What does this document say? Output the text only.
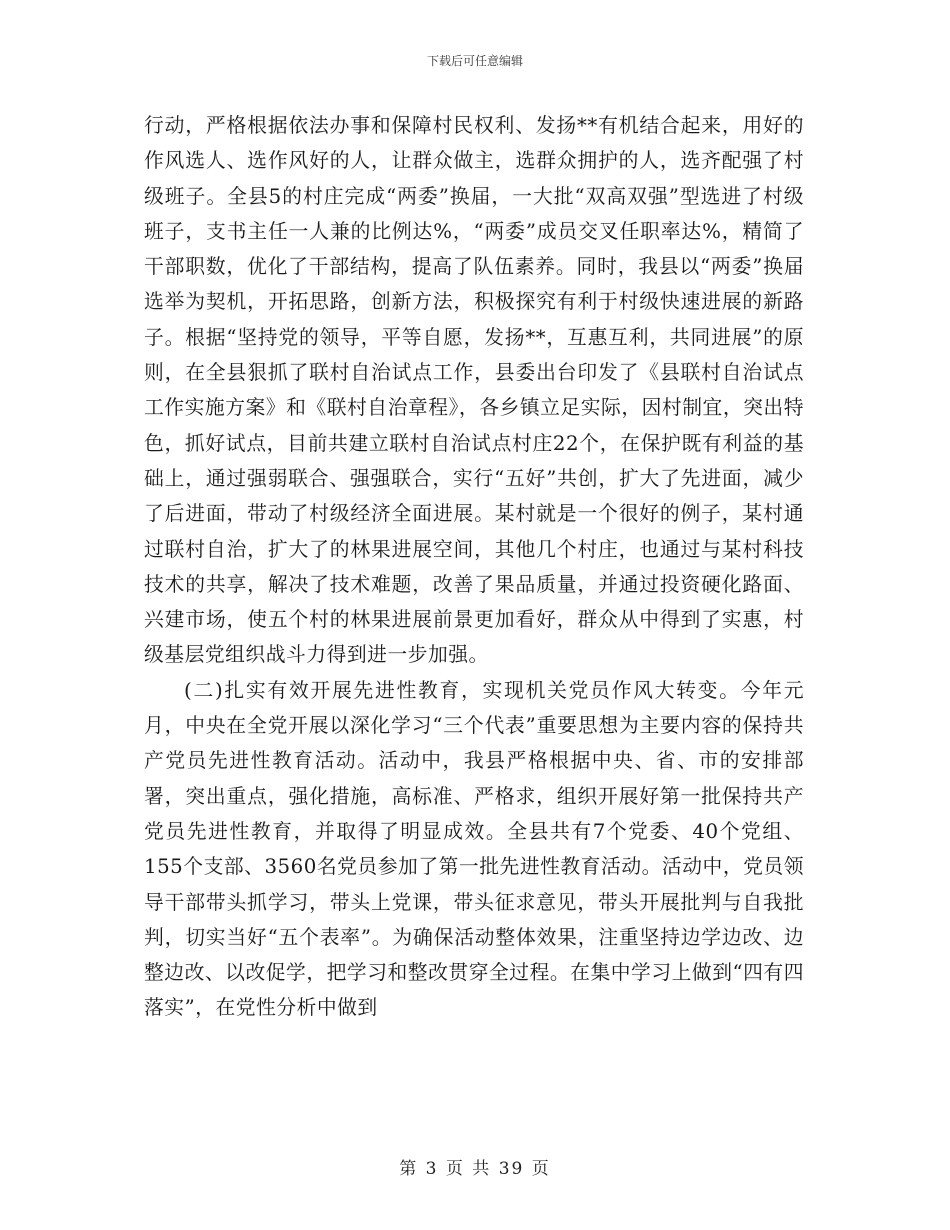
下载后可任意编辑

行动，严格根据依法办事和保障村民权利、发扬**有机结合起来，用好的作风选人、选作风好的人，让群众做主，选群众拥护的人，选齐配强了村级班子。全县5的村庄完成“两委”换届，一大批“双高双强”型选进了村级班子，支书主任一人兼的比例达%，“两委”成员交叉任职率达%，精简了干部职数，优化了干部结构，提高了队伍素养。同时，我县以“两委”换届选举为契机，开拓思路，创新方法，积极探究有利于村级快速进展的新路子。根据“坚持党的领导，平等自愿，发扬**，互惠互利，共同进展”的原则，在全县狠抓了联村自治试点工作，县委出台印发了《县联村自治试点工作实施方案》和《联村自治章程》，各乡镇立足实际，因村制宜，突出特色，抓好试点，目前共建立联村自治试点村庄22个，在保护既有利益的基础上，通过强弱联合、强强联合，实行“五好”共创，扩大了先进面，减少了后进面，带动了村级经济全面进展。某村就是一个很好的例子，某村通过联村自治，扩大了的林果进展空间，其他几个村庄，也通过与某村科技技术的共享，解决了技术难题，改善了果品质量，并通过投资硬化路面、兴建市场，使五个村的林果进展前景更加看好，群众从中得到了实惠，村级基层党组织战斗力得到进一步加强。

(二)扎实有效开展先进性教育，实现机关党员作风大转变。今年元月，中央在全党开展以深化学习“三个代表”重要思想为主要内容的保持共产党员先进性教育活动。活动中，我县严格根据中央、省、市的安排部署，突出重点，强化措施，高标准、严格求，组织开展好第一批保持共产党员先进性教育，并取得了明显成效。全县共有7个党委、40个党组、155个支部、3560名党员参加了第一批先进性教育活动。活动中，党员领导干部带头抓学习，带头上党课，带头征求意见，带头开展批判与自我批判，切实当好“五个表率”。为确保活动整体效果，注重坚持边学边改、边整边改、以改促学，把学习和整改贯穿全过程。在集中学习上做到“四有四落实”，在党性分析中做到

第 3 页 共 39 页
